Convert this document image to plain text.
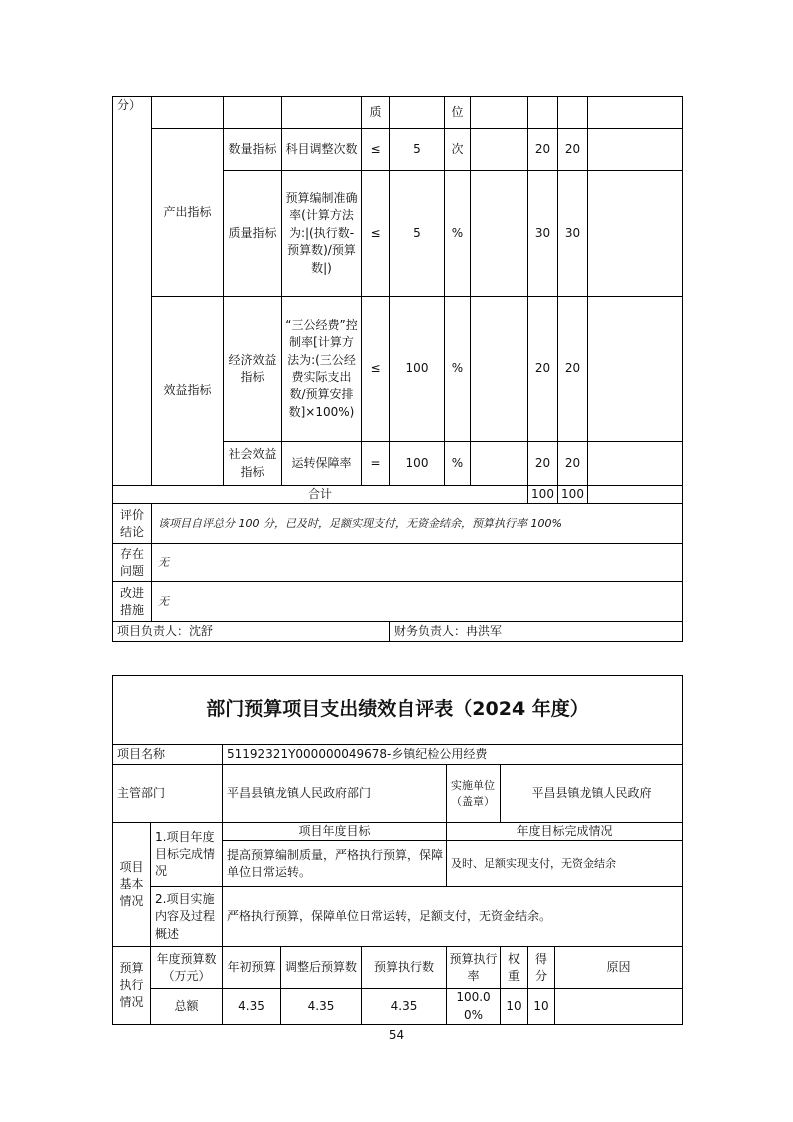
分）				质		位				
	产出指标	数量指标	科目调整次数	≤	5	次		20	20	
		质量指标	预算编制准确率(计算方法为:|(执行数-预算数)/预算数|)	≤	5	%		30	30	
	效益指标	经济效益指标	“三公经费”控制率[计算方法为:(三公经费实际支出数/预算安排数]×100%)	≤	100	%		20	20	
		社会效益指标	运转保障率	=	100	%		20	20	
合计								100	100	
评价结论	该项目自评总分 100 分，已及时，足额实现支付，无资金结余，预算执行率 100%									
存在问题	无									
改进措施	无									
项目负责人：沈舒					财务负责人：冉洪军					
部门预算项目支出绩效自评表（2024 年度）								
项目名称		51192321Y000000049678-乡镇纪检公用经费						
主管部门		平昌县镇龙镇人民政府部门			实施单位（盖章）	平昌县镇龙镇人民政府		
项目基本情况	1.项目年度目标完成情况	项目年度目标			年度目标完成情况			
		提高预算编制质量，严格执行预算，保障单位日常运转。			及时、足额实现支付，无资金结余			
	2.项目实施内容及过程概述	严格执行预算，保障单位日常运转，足额支付，无资金结余。						
预算执行情况	年度预算数（万元）	年初预算	调整后预算数	预算执行数	预算执行率	权重	得分	原因
	总额	4.35	4.35	4.35	100.00%	10	10	
54
